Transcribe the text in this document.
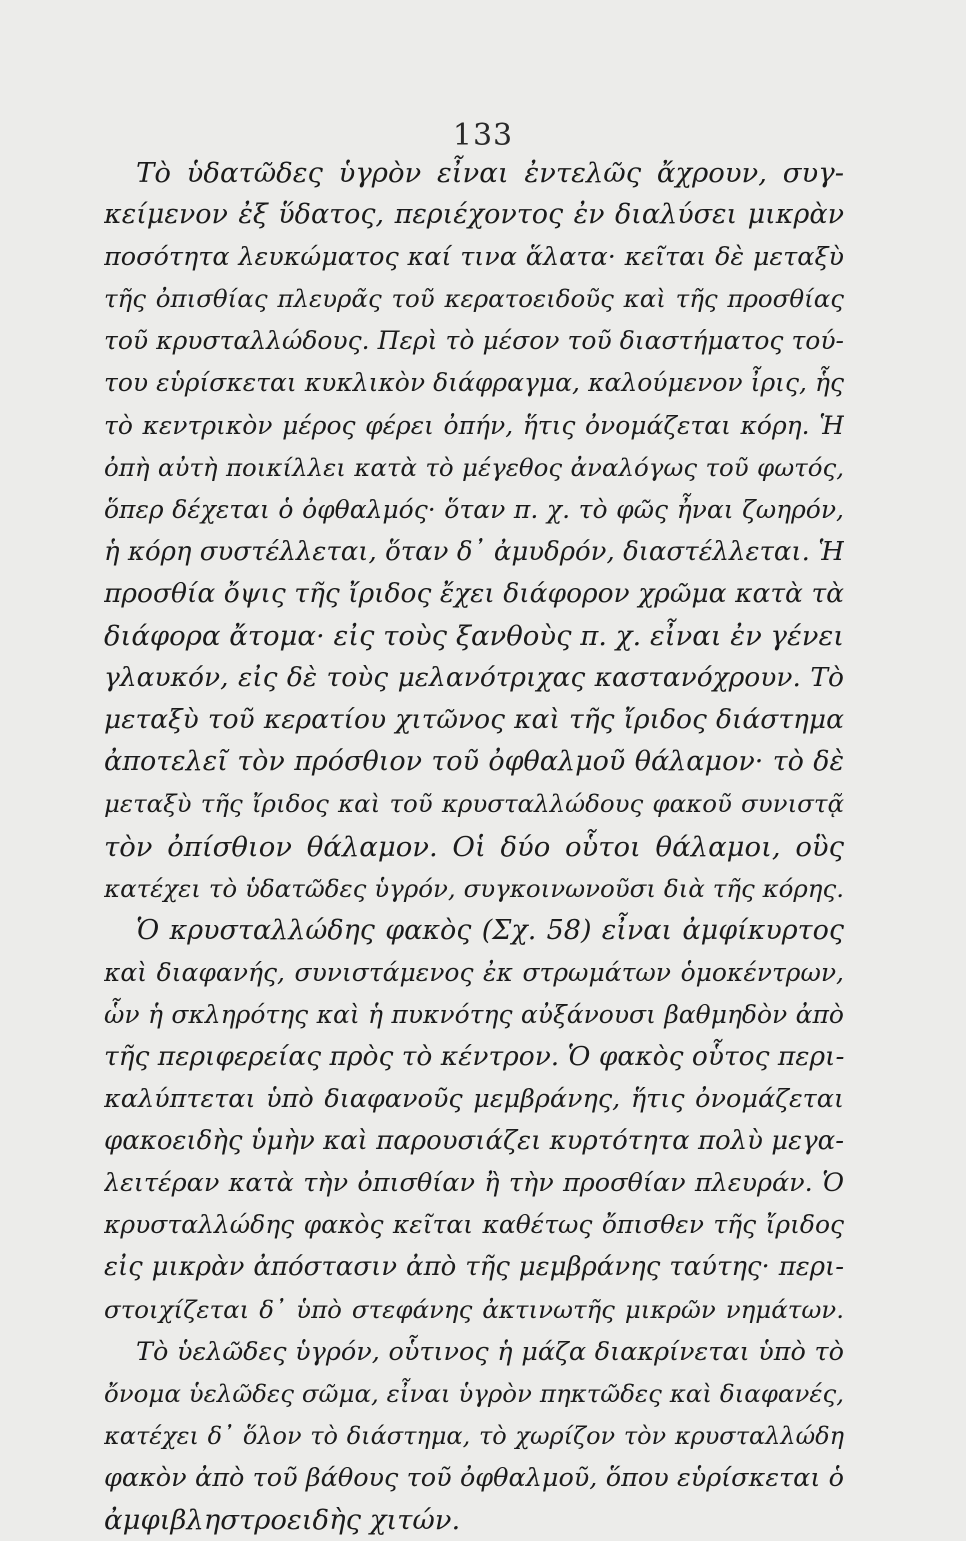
133
Τὸ ὑδατῶδες ὑγρὸν εἶναι ἐντελῶς ἄχρουν, συγ-
κείμενον ἐξ ὕδατος, περιέχοντος ἐν διαλύσει μικρὰν
ποσότητα λευκώματος καί τινα ἅλατα· κεῖται δὲ μεταξὺ
τῆς ὀπισθίας πλευρᾶς τοῦ κερατοειδοῦς καὶ τῆς προσθίας
τοῦ κρυσταλλώδους. Περὶ τὸ μέσον τοῦ διαστήματος τού-
του εὑρίσκεται κυκλικὸν διάφραγμα, καλούμενον ἶρις, ἧς
τὸ κεντρικὸν μέρος φέρει ὀπήν, ἥτις ὀνομάζεται κόρη. Ἡ
ὀπὴ αὐτὴ ποικίλλει κατὰ τὸ μέγεθος ἀναλόγως τοῦ φωτός,
ὅπερ δέχεται ὁ ὀφθαλμός· ὅταν π. χ. τὸ φῶς ἦναι ζωηρόν,
ἡ κόρη συστέλλεται, ὅταν δ᾽ ἀμυδρόν, διαστέλλεται. Ἡ
προσθία ὄψις τῆς ἴριδος ἔχει διάφορον χρῶμα κατὰ τὰ
διάφορα ἄτομα· εἰς τοὺς ξανθοὺς π. χ. εἶναι ἐν γένει
γλαυκόν, εἰς δὲ τοὺς μελανότριχας καστανόχρουν. Τὸ
μεταξὺ τοῦ κερατίου χιτῶνος καὶ τῆς ἴριδος διάστημα
ἀποτελεῖ τὸν πρόσθιον τοῦ ὀφθαλμοῦ θάλαμον· τὸ δὲ
μεταξὺ τῆς ἴριδος καὶ τοῦ κρυσταλλώδους φακοῦ συνιστᾷ
τὸν ὀπίσθιον θάλαμον. Οἱ δύο οὗτοι θάλαμοι, οὓς
κατέχει τὸ ὑδατῶδες ὑγρόν, συγκοινωνοῦσι διὰ τῆς κόρης.
Ὁ κρυσταλλώδης φακὸς (Σχ. 58) εἶναι ἀμφίκυρτος
καὶ διαφανής, συνιστάμενος ἐκ στρωμάτων ὁμοκέντρων,
ὧν ἡ σκληρότης καὶ ἡ πυκνότης αὐξάνουσι βαθμηδὸν ἀπὸ
τῆς περιφερείας πρὸς τὸ κέντρον. Ὁ φακὸς οὗτος περι-
καλύπτεται ὑπὸ διαφανοῦς μεμβράνης, ἥτις ὀνομάζεται
φακοειδὴς ὑμὴν καὶ παρουσιάζει κυρτότητα πολὺ μεγα-
λειτέραν κατὰ τὴν ὀπισθίαν ἢ τὴν προσθίαν πλευράν. Ὁ
κρυσταλλώδης φακὸς κεῖται καθέτως ὄπισθεν τῆς ἴριδος
εἰς μικρὰν ἀπόστασιν ἀπὸ τῆς μεμβράνης ταύτης· περι-
στοιχίζεται δ᾽ ὑπὸ στεφάνης ἀκτινωτῆς μικρῶν νημάτων.
Τὸ ὑελῶδες ὑγρόν, οὗτινος ἡ μάζα διακρίνεται ὑπὸ τὸ
ὄνομα ὑελῶδες σῶμα, εἶναι ὑγρὸν πηκτῶδες καὶ διαφανές,
κατέχει δ᾽ ὅλον τὸ διάστημα, τὸ χωρίζον τὸν κρυσταλλώδη
φακὸν ἀπὸ τοῦ βάθους τοῦ ὀφθαλμοῦ, ὅπου εὑρίσκεται ὁ
ἀμφιβληστροειδὴς χιτών.
